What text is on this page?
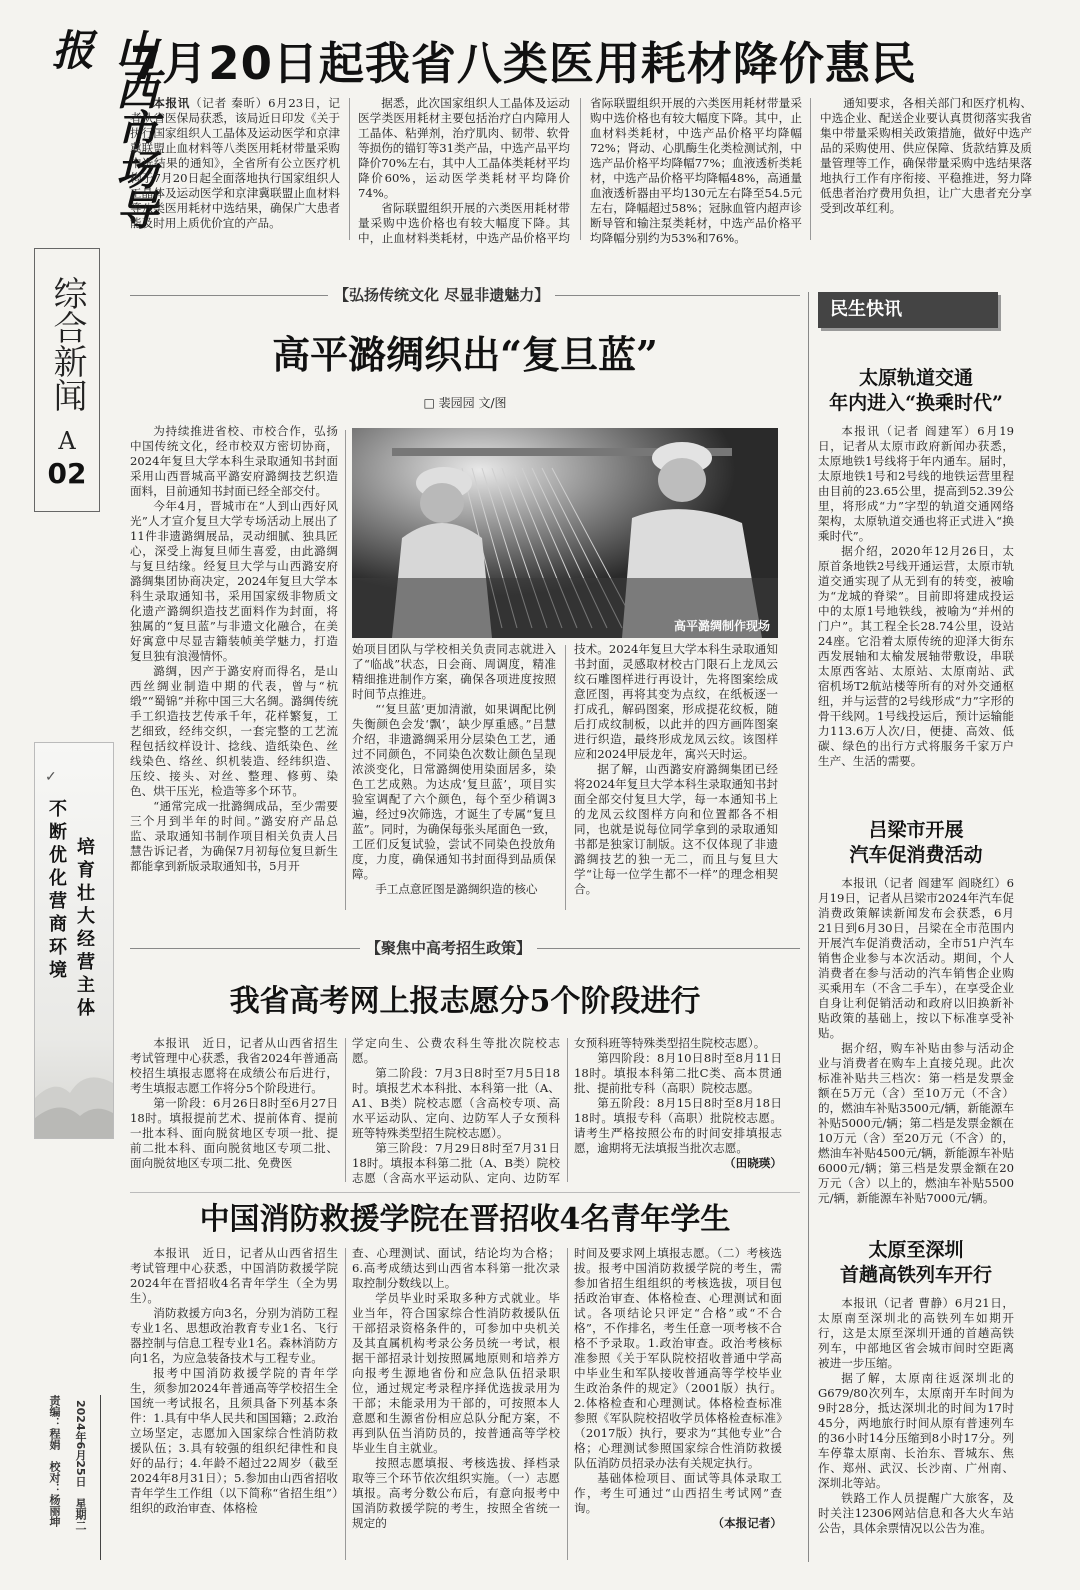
山西市场导报
综合新闻
A
02
✓
不断优化营商环境 培育壮大经营主体
责编：程娟　校对：杨丽坤 2024年6月25日　星期二
7月20日起我省八类医用耗材降价惠民

本报讯（记者 秦昕）6月23日，记者从省医保局获悉，该局近日印发《关于执行国家组织人工晶体及运动医学和京津冀联盟止血材料等八类医用耗材带量采购中选结果的通知》，全省所有公立医疗机构于7月20日起全面落地执行国家组织人工晶体及运动医学和京津冀联盟止血材料等八类医用耗材中选结果，确保广大患者能及时用上质优价宜的产品。

据悉，此次国家组织人工晶体及运动医学类医用耗材主要包括治疗白内障用人工晶体、粘弹剂，治疗肌肉、韧带、软骨等损伤的锚钉等31类产品，中选产品平均降价70%左右，其中人工晶体类耗材平均降价60%，运动医学类耗材平均降价74%。

省际联盟组织开展的六类医用耗材带量采购中选价格也有较大幅度下降。其中，止血材料类耗材，中选产品价格平均

省际联盟组织开展的六类医用耗材带量采购中选价格也有较大幅度下降。其中，止血材料类耗材，中选产品价格平均降幅72%；肾动、心肌酶生化类检测试剂，中选产品价格平均降幅77%；血液透析类耗材，中选产品价格平均降幅48%，高通量血液透析器由平均130元左右降至54.5元左右，降幅超过58%；冠脉血管内超声诊断导管和输注泵类耗材，中选产品价格平均降幅分别约为53%和76%。

通知要求，各相关部门和医疗机构、中选企业、配送企业要认真贯彻落实我省集中带量采购相关政策措施，做好中选产品的采购使用、供应保障、货款结算及质量管理等工作，确保带量采购中选结果落地执行工作有序衔接、平稳推进，努力降低患者治疗费用负担，让广大患者充分享受到改革红利。

【弘扬传统文化 尽显非遗魅力】
高平潞绸织出“复旦蓝”
□ 裴园园 文/图

为持续推进省校、市校合作，弘扬中国传统文化，经市校双方密切协商，2024年复旦大学本科生录取通知书封面采用山西晋城高平潞安府潞绸技艺织造面料，目前通知书封面已经全部交付。

今年4月，晋城市在“人到山西好风光”人才宣介复旦大学专场活动上展出了11件非遗潞绸展品，灵动细腻、独具匠心，深受上海复旦师生喜爱，由此潞绸与复旦结缘。经复旦大学与山西潞安府潞绸集团协商决定，2024年复旦大学本科生录取通知书，采用国家级非物质文化遗产潞绸织造技艺面料作为封面，将独属的“复旦蓝”与非遗文化融合，在美好寓意中尽显吉籍装帧美学魅力，打造复旦独有浪漫情怀。

潞绸，因产于潞安府而得名，是山西丝绸业制造中期的代表，曾与“杭缎”“蜀锦”并称中国三大名绸。潞绸传统手工织造技艺传承千年，花样繁复，工艺细致，经纬交织，一套完整的工艺流程包括纹样设计、捻线、造纸染色、丝线染色、络丝、织机装造、经纬织造、压绞、接头、对丝、整理、修剪、染色、烘干压光，检造等多个环节。

“通常完成一批潞绸成品，至少需要三个月到半年的时间。”潞安府产品总监、录取通知书制作项目相关负责人吕慧告诉记者，为确保7月初每位复旦新生都能拿到新版录取通知书，5月开

高平潞绸制作现场

始项目团队与学校相关负责同志就进入了“临战”状态，日会商、周调度，精准精细推进制作方案，确保各项进度按照时间节点推进。

“‘复旦蓝’更加清澈，如果调配比例失衡颜色会发‘飘’，缺少厚重感。”吕慧介绍，非遗潞绸采用分层染色工艺，通过不同颜色，不同染色次数让颜色呈现浓淡变化，日常潞绸使用染面居多，染色工艺成熟。为达成‘复旦蓝’，项目实验室调配了六个颜色，每个至少稍调3遍，经过9次筛选，才诞生了专属“复旦蓝”。同时，为确保每张头尾面色一致，工匠们反复试验，尝试不同染色投放角度，力度，确保通知书封面得到品质保障。

手工点意匠图是潞绸织造的核心

技术。2024年复旦大学本科生录取通知书封面，灵感取材校古门限石上龙凤云纹石雕图样进行再设计，先将图案绘成意匠图，再将其变为点纹，在纸板逐一打成孔，解码图案，形成提花纹板，随后打成纹制板，以此并的四方画阵图案进行织造，最终形成龙凤云纹。该图样应和2024甲辰龙年，寓兴天时运。

据了解，山西潞安府潞绸集团已经将2024年复旦大学本科生录取通知书封面全部交付复旦大学，每一本通知书上的龙凤云纹图样方向和位置都各不相同，也就是说每位同学拿到的录取通知书都是独家订制版。这不仅体现了非遗潞绸技艺的独一无二，而且与复旦大学“让每一位学生都不一样”的理念相契合。

【聚焦中高考招生政策】
我省高考网上报志愿分5个阶段进行

本报讯　近日，记者从山西省招生考试管理中心获悉，我省2024年普通高校招生填报志愿将在成绩公布后进行，考生填报志愿工作将分5个阶段进行。

第一阶段：6月26日8时至6月27日18时。填报提前艺术、提前体育、提前一批本科、面向脱贫地区专项一批、提前二批本科、面向脱贫地区专项二批、面向脱贫地区专项二批、免费医

学定向生、公费农科生等批次院校志愿。

第二阶段：7月3日8时至7月5日18时。填报艺术本科批、本科第一批（A、A1、B类）院校志愿（含高校专项、高水平运动队、定向、边防军人子女预科班等特殊类型招生院校志愿）。

第三阶段：7月29日8时至7月31日18时。填报本科第二批（A、B类）院校志愿（含高水平运动队、定向、边防军

女预科班等特殊类型招生院校志愿）。

第四阶段：8月10日8时至8月11日18时。填报本科第二批C类、高本贯通批、提前批专科（高职）院校志愿。

第五阶段：8月15日8时至8月18日18时。填报专科（高职）批院校志愿。请考生严格按照公布的时间安排填报志愿，逾期将无法填报当批次志愿。

（田晓瑛）

中国消防救援学院在晋招收4名青年学生

本报讯　近日，记者从山西省招生考试管理中心获悉，中国消防救援学院2024年在晋招收4名青年学生（全为男生）。

消防救援方向3名，分别为消防工程专业1名、思想政治教育专业1名、飞行器控制与信息工程专业1名。森林消防方向1名，为应急装备技术与工程专业。

报考中国消防救援学院的青年学生，须参加2024年普通高等学校招生全国统一考试报名，且须具备下列基本条件：1.具有中华人民共和国国籍；2.政治立场坚定，志愿加入国家综合性消防救援队伍；3.具有较强的组织纪律性和良好的品行；4.年龄不超过22周岁（截至2024年8月31日）；5.参加由山西省招收青年学生工作组（以下简称“省招生组”）组织的政治审查、体格检

查、心理测试、面试，结论均为合格；6.高考成绩达到山西省本科第一批次录取控制分数线以上。

学员毕业时采取多种方式就业。毕业当年，符合国家综合性消防救援队伍干部招录资格条件的，可参加中央机关及其直属机构考录公务员统一考试，根据干部招录计划按照属地原则和培养方向报考生源地省份和应急队伍招录职位，通过规定考录程序择优选拔录用为干部；未能录用为干部的，可按照本人意愿和生源省份相应总队分配方案，不再到队伍当消防员的，按普通高等学校毕业生自主就业。

按照志愿填报、考核选拔、择档录取等三个环节依次组织实施。（一）志愿填报。高考分数公布后，有意向报考中国消防救援学院的考生，按照全省统一规定的

时间及要求网上填报志愿。（二）考核选拔。报考中国消防救援学院的考生，需参加省招生组组织的考核选拔，项目包括政治审查、体格检查、心理测试和面试。各项结论只评定“合格”或“不合格”，不作排名，考生任意一项考核不合格不予录取。1.政治审查。政治考核标准参照《关于军队院校招收普通中学高中毕业生和军队接收普通高等学校毕业生政治条件的规定》（2001版）执行。2.体格检查和心理测试。体格检查标准参照《军队院校招收学员体格检查标准》（2017版）执行，要求为“其他专业”合格；心理测试参照国家综合性消防救援队伍消防员招录办法有关规定执行。

基础体检项目、面试等具体录取工作，考生可通过“山西招生考试网”查询。

（本报记者）

民生快讯
太原轨道交通
年内进入“换乘时代”

本报讯（记者 阎建军）6月19日，记者从太原市政府新闻办获悉，太原地铁1号线将于年内通车。届时，太原地铁1号和2号线的地铁运营里程由目前的23.65公里，提高到52.39公里，将形成“力”字型的轨道交通网络架构，太原轨道交通也将正式进入“换乘时代”。

据介绍，2020年12月26日，太原首条地铁2号线开通运营，太原市轨道交通实现了从无到有的转变，被喻为“龙城的脊梁”。目前即将建成投运中的太原1号地铁线，被喻为“并州的门户”。其工程全长28.74公里，设站24座。它沿着太原传统的迎泽大街东西发展轴和太榆发展轴带敷设，串联太原西客站、太原站、太原南站、武宿机场T2航站楼等所有的对外交通枢纽，并与运营的2号线形成“力”字形的骨干线网。1号线投运后，预计运输能力113.6万人次/日，便捷、高效、低碳、绿色的出行方式将服务千家万户生产、生活的需要。

吕梁市开展
汽车促消费活动

本报讯（记者 阎建军 阎晓红）6月19日，记者从吕梁市2024年汽车促消费政策解读新闻发布会获悉，6月21日到6月30日，吕梁在全市范围内开展汽车促消费活动，全市51户汽车销售企业参与本次活动。期间，个人消费者在参与活动的汽车销售企业购买乘用车（不含二手车），在享受企业自身让利促销活动和政府以旧换新补贴政策的基础上，按以下标准享受补贴。

据介绍，购车补贴由参与活动企业与消费者在购车上直接兑现。此次标准补贴共三档次：第一档是发票金额在5万元（含）至10万元（不含）的，燃油车补贴3500元/辆，新能源车补贴5000元/辆；第二档是发票金额在10万元（含）至20万元（不含）的，燃油车补贴4500元/辆，新能源车补贴6000元/辆；第三档是发票金额在20万元（含）以上的，燃油车补贴5500元/辆，新能源车补贴7000元/辆。

太原至深圳
首趟高铁列车开行

本报讯（记者 曹静）6月21日，太原南至深圳北的高铁列车如期开行，这是太原至深圳开通的首趟高铁列车，中部地区省会城市间时空距离被进一步压缩。

据了解，太原南往返深圳北的G679/80次列车，太原南开车时间为9时28分，抵达深圳北的时间为17时45分，两地旅行时间从原有普速列车的36小时14分压缩到8小时17分。列车停靠太原南、长治东、晋城东、焦作、郑州、武汉、长沙南、广州南、深圳北等站。

铁路工作人员提醒广大旅客，及时关注12306网站信息和各大火车站公告，具体余票情况以公告为准。
